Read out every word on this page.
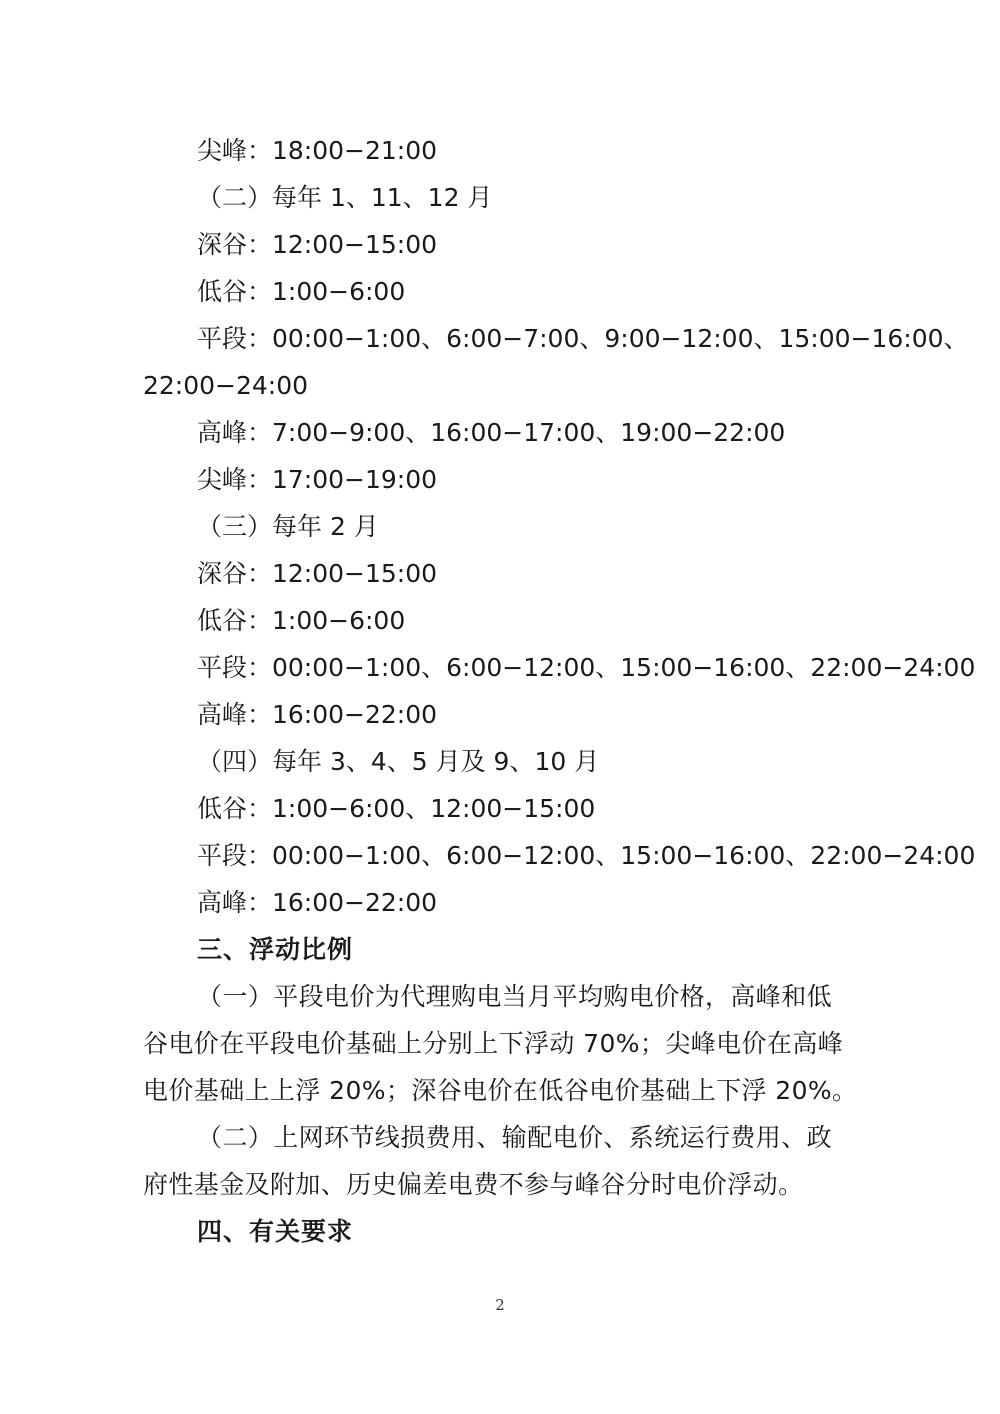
尖峰：18:00−21:00
（二）每年 1、11、12 月
深谷：12:00−15:00
低谷：1:00−6:00
平段：00:00−1:00、6:00−7:00、9:00−12:00、15:00−16:00、
22:00−24:00
高峰：7:00−9:00、16:00−17:00、19:00−22:00
尖峰：17:00−19:00
（三）每年 2 月
深谷：12:00−15:00
低谷：1:00−6:00
平段：00:00−1:00、6:00−12:00、15:00−16:00、22:00−24:00
高峰：16:00−22:00
（四）每年 3、4、5 月及 9、10 月
低谷：1:00−6:00、12:00−15:00
平段：00:00−1:00、6:00−12:00、15:00−16:00、22:00−24:00
高峰：16:00−22:00
三、浮动比例
（一）平段电价为代理购电当月平均购电价格，高峰和低
谷电价在平段电价基础上分别上下浮动 70%；尖峰电价在高峰
电价基础上上浮 20%；深谷电价在低谷电价基础上下浮 20%。
（二）上网环节线损费用、输配电价、系统运行费用、政
府性基金及附加、历史偏差电费不参与峰谷分时电价浮动。
四、有关要求
2
